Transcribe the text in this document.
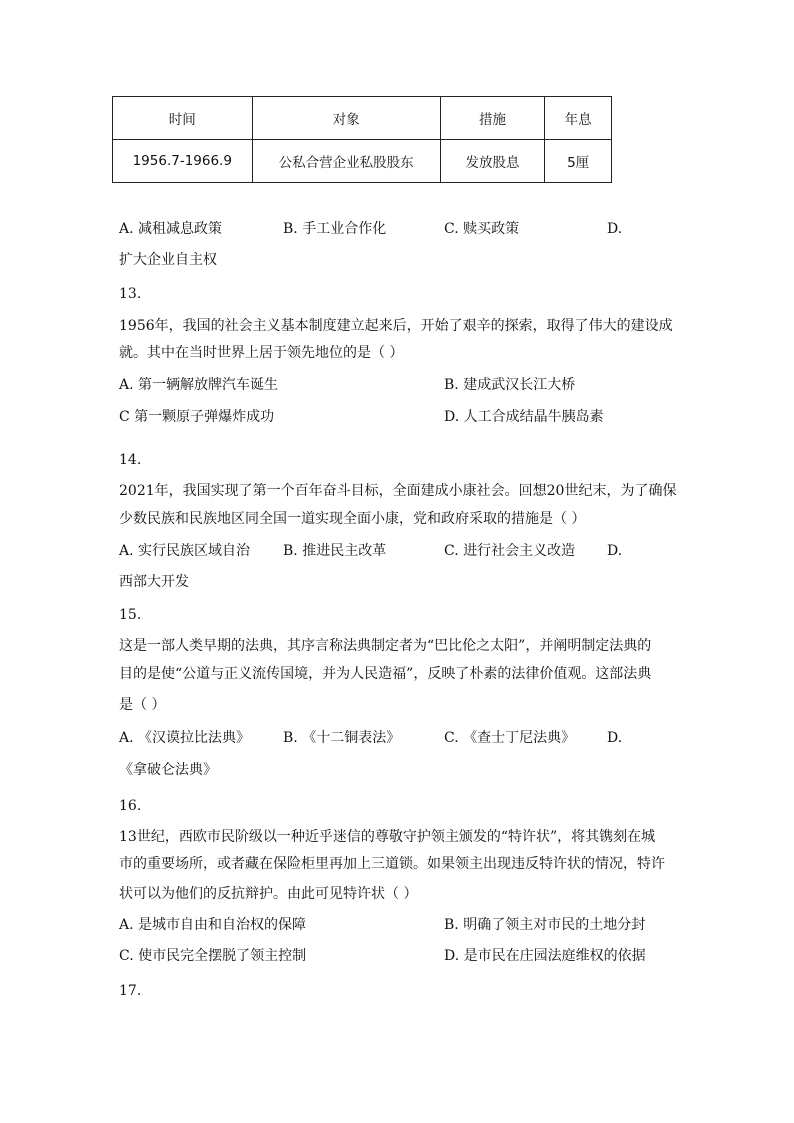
时间	对象	措施	年息
1956.7-1966.9	公私合营企业私股股东	发放股息	5厘
A. 减租减息政策	B. 手工业合作化	C. 赎买政策	D.
扩大企业自主权
13.
1956年，我国的社会主义基本制度建立起来后，开始了艰辛的探索，取得了伟大的建设成
就。其中在当时世界上居于领先地位的是（ ）
A. 第一辆解放牌汽车诞生	B. 建成武汉长江大桥
C 第一颗原子弹爆炸成功	D. 人工合成结晶牛胰岛素
14.
2021年，我国实现了第一个百年奋斗目标，全面建成小康社会。回想20世纪末，为了确保
少数民族和民族地区同全国一道实现全面小康，党和政府采取的措施是（ ）
A. 实行民族区域自治 B. 推进民主改革	C. 进行社会主义改造 D.
西部大开发
15.
这是一部人类早期的法典，其序言称法典制定者为“巴比伦之太阳”，并阐明制定法典的
目的是使“公道与正义流传国境，并为人民造福”，反映了朴素的法律价值观。这部法典
是（ ）
A. 《汉谟拉比法典》 B. 《十二铜表法》	C. 《查士丁尼法典》 D.
《拿破仑法典》
16.
13世纪，西欧市民阶级以一种近乎迷信的尊敬守护领主颁发的“特许状”，将其镌刻在城
市的重要场所，或者藏在保险柜里再加上三道锁。如果领主出现违反特许状的情况，特许
状可以为他们的反抗辩护。由此可见特许状（ ）
A. 是城市自由和自治权的保障	B. 明确了领主对市民的土地分封
C. 使市民完全摆脱了领主控制	D. 是市民在庄园法庭维权的依据
17.
